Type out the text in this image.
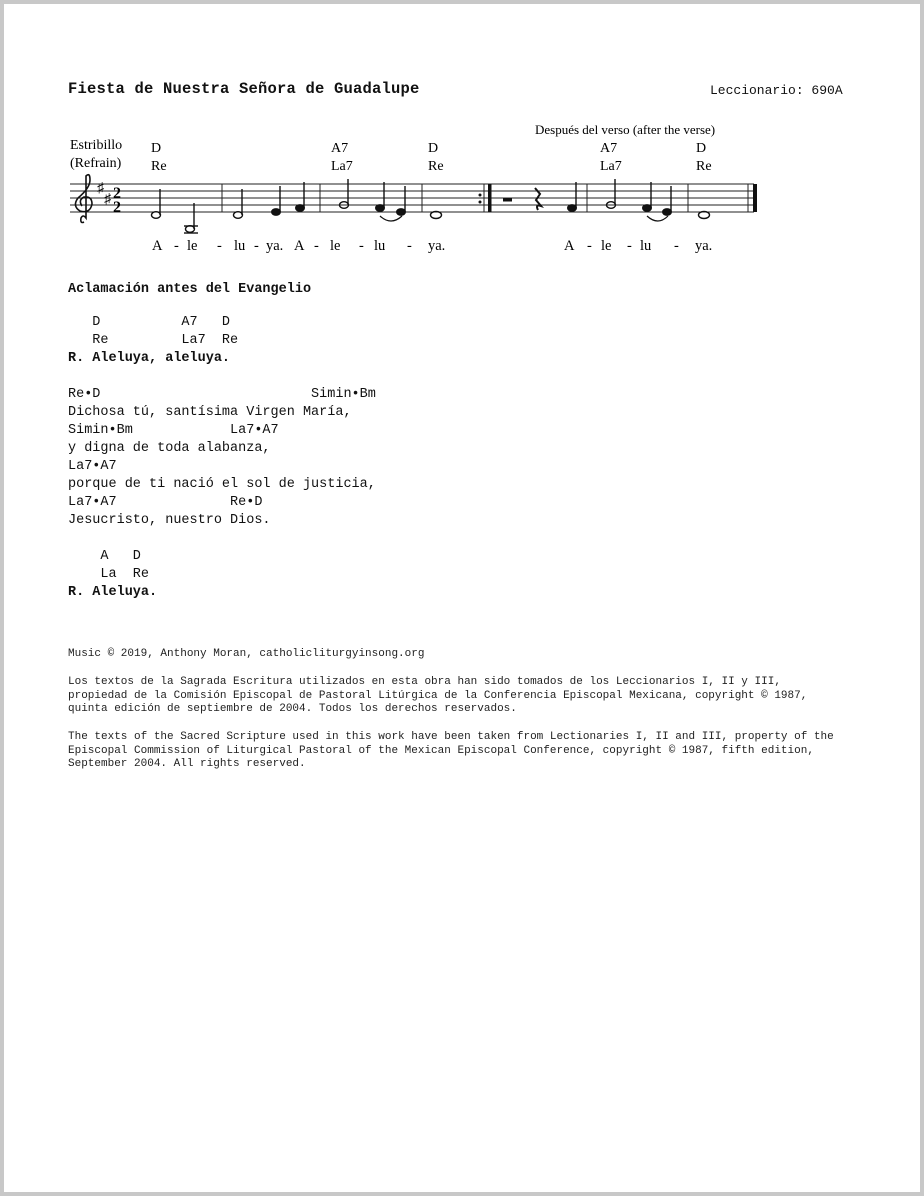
Fiesta de Nuestra Señora de Guadalupe	Leccionario: 690A
Estribillo
(Refrain)
Después del verso (after the verse)
D
Re
A7
La7
D
Re
A7
La7
D
Re
♯
♯ 2
2
A - le - lu - ya. A - le - lu - ya.	A - le - lu - ya.
Aclamación antes del Evangelio
D          A7   D
Re         La7  Re
R. Aleluya, aleluya.
Re•D                          Simin•Bm
Dichosa tú, santísima Virgen María,
Simin•Bm            La7•A7
y digna de toda alabanza,
La7•A7
porque de ti nació el sol de justicia,
La7•A7              Re•D
Jesucristo, nuestro Dios.
A   D
La  Re
R. Aleluya.
Music © 2019, Anthony Moran, catholicliturgyinsong.org
Los textos de la Sagrada Escritura utilizados en esta obra han sido tomados de los Leccionarios I, II y III, propiedad de la Comisión Episcopal de Pastoral Litúrgica de la Conferencia Episcopal Mexicana, copyright © 1987, quinta edición de septiembre de 2004. Todos los derechos reservados.
The texts of the Sacred Scripture used in this work have been taken from Lectionaries I, II and III, property of the Episcopal Commission of Liturgical Pastoral of the Mexican Episcopal Conference, copyright © 1987, fifth edition, September 2004. All rights reserved.
